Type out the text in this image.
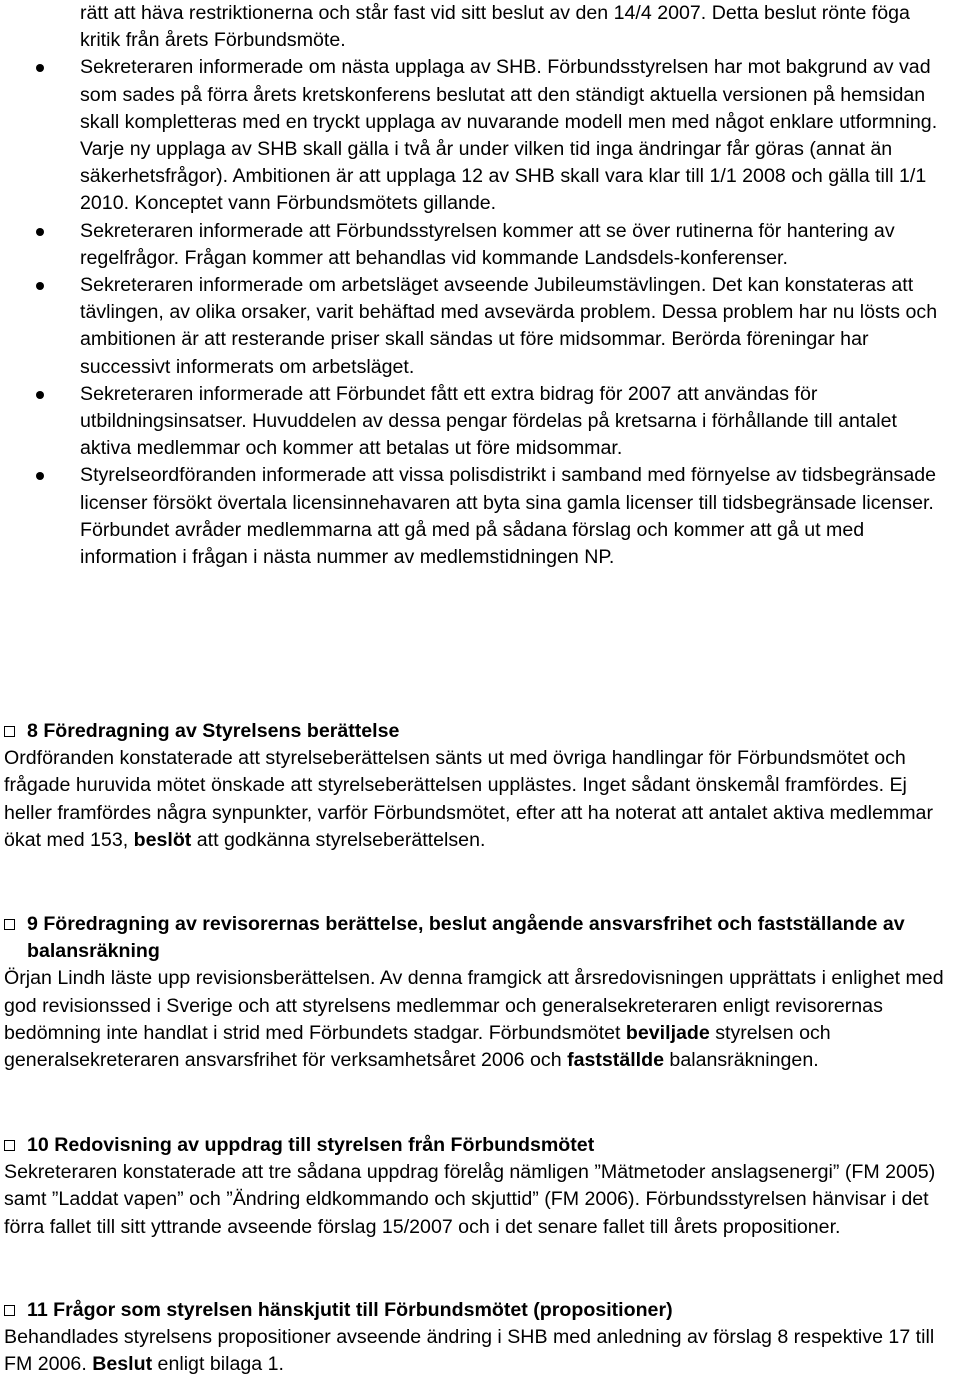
rätt att häva restriktionerna och står fast vid sitt beslut av den 14/4 2007. Detta beslut rönte föga kritik från årets Förbundsmöte.
Sekreteraren informerade om nästa upplaga av SHB. Förbundsstyrelsen har mot bakgrund av vad som sades på förra årets kretskonferens beslutat att den ständigt aktuella versionen på hemsidan skall kompletteras med en tryckt upplaga av nuvarande modell men med något enklare utformning. Varje ny upplaga av SHB skall gälla i två år under vilken tid inga ändringar får göras (annat än säkerhetsfrågor). Ambitionen är att upplaga 12 av SHB skall vara klar till 1/1 2008 och gälla till 1/1 2010. Konceptet vann Förbundsmötets gillande.
Sekreteraren informerade att Förbundsstyrelsen kommer att se över rutinerna för hantering av regelfrågor. Frågan kommer att behandlas vid kommande Landsdels-konferenser.
Sekreteraren informerade om arbetsläget avseende Jubileumstävlingen. Det kan konstateras att tävlingen, av olika orsaker, varit behäftad med avsevärda problem. Dessa problem har nu lösts och ambitionen är att resterande priser skall sändas ut före midsommar. Berörda föreningar har successivt informerats om arbetsläget.
Sekreteraren informerade att Förbundet fått ett extra bidrag för 2007 att användas för utbildningsinsatser. Huvuddelen av dessa pengar fördelas på kretsarna i förhållande till antalet aktiva medlemmar och kommer att betalas ut före midsommar.
Styrelseordföranden informerade att vissa polisdistrikt i samband med förnyelse av tidsbegränsade licenser försökt övertala licensinnehavaren att byta sina gamla licenser till tidsbegränsade licenser. Förbundet avråder medlemmarna att gå med på sådana förslag och kommer att gå ut med information i frågan i nästa nummer av medlemstidningen NP.
8 Föredragning av Styrelsens berättelse

Ordföranden konstaterade att styrelseberättelsen sänts ut med övriga handlingar för Förbundsmötet och frågade huruvida mötet önskade att styrelseberättelsen upplästes. Inget sådant önskemål framfördes. Ej heller framfördes några synpunkter, varför Förbundsmötet, efter att ha noterat att antalet aktiva medlemmar ökat med 153, beslöt att godkänna styrelseberättelsen.

9 Föredragning av revisorernas berättelse, beslut angående ansvarsfrihet och fastställande av balansräkning

Örjan Lindh läste upp revisionsberättelsen. Av denna framgick att årsredovisningen upprättats i enlighet med god revisionssed i Sverige och att styrelsens medlemmar och generalsekreteraren enligt revisorernas bedömning inte handlat i strid med Förbundets stadgar. Förbundsmötet beviljade styrelsen och generalsekreteraren ansvarsfrihet för verksamhetsåret 2006 och fastställde balansräkningen.

10 Redovisning av uppdrag till styrelsen från Förbundsmötet

Sekreteraren konstaterade att tre sådana uppdrag förelåg nämligen ”Mätmetoder anslagsenergi” (FM 2005) samt ”Laddat vapen” och ”Ändring eldkommando och skjuttid” (FM 2006). Förbundsstyrelsen hänvisar i det förra fallet till sitt yttrande avseende förslag 15/2007 och i det senare fallet till årets propositioner.

11 Frågor som styrelsen hänskjutit till Förbundsmötet (propositioner)

Behandlades styrelsens propositioner avseende ändring i SHB med anledning av förslag 8 respektive 17 till FM 2006. Beslut enligt bilaga 1.
